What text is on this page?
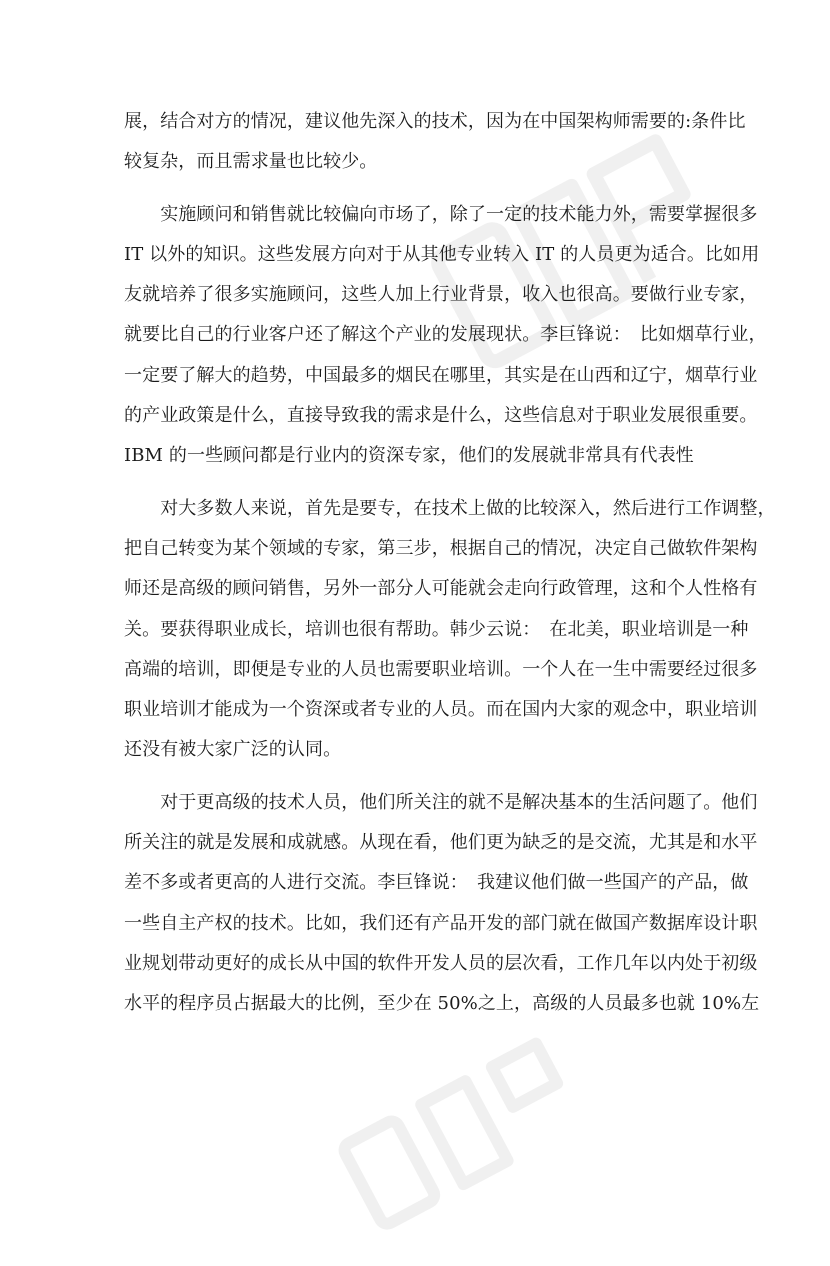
展，结合对方的情况，建议他先深入的技术，因为在中国架构师需要的:条件比
较复杂，而且需求量也比较少。
　　实施顾问和销售就比较偏向市场了，除了一定的技术能力外，需要掌握很多
IT 以外的知识。这些发展方向对于从其他专业转入 IT 的人员更为适合。比如用
友就培养了很多实施顾问，这些人加上行业背景，收入也很高。要做行业专家，
就要比自己的行业客户还了解这个产业的发展现状。李巨锋说：　比如烟草行业，
一定要了解大的趋势，中国最多的烟民在哪里，其实是在山西和辽宁，烟草行业
的产业政策是什么，直接导致我的需求是什么，这些信息对于职业发展很重要。
IBM 的一些顾问都是行业内的资深专家，他们的发展就非常具有代表性
　　对大多数人来说，首先是要专，在技术上做的比较深入，然后进行工作调整，
把自己转变为某个领域的专家，第三步，根据自己的情况，决定自己做软件架构
师还是高级的顾问销售，另外一部分人可能就会走向行政管理，这和个人性格有
关。要获得职业成长，培训也很有帮助。韩少云说：　在北美，职业培训是一种
高端的培训，即便是专业的人员也需要职业培训。一个人在一生中需要经过很多
职业培训才能成为一个资深或者专业的人员。而在国内大家的观念中，职业培训
还没有被大家广泛的认同。
　　对于更高级的技术人员，他们所关注的就不是解决基本的生活问题了。他们
所关注的就是发展和成就感。从现在看，他们更为缺乏的是交流，尤其是和水平
差不多或者更高的人进行交流。李巨锋说：　我建议他们做一些国产的产品，做
一些自主产权的技术。比如，我们还有产品开发的部门就在做国产数据库设计职
业规划带动更好的成长从中国的软件开发人员的层次看，工作几年以内处于初级
水平的程序员占据最大的比例，至少在 50%之上，高级的人员最多也就 10%左
